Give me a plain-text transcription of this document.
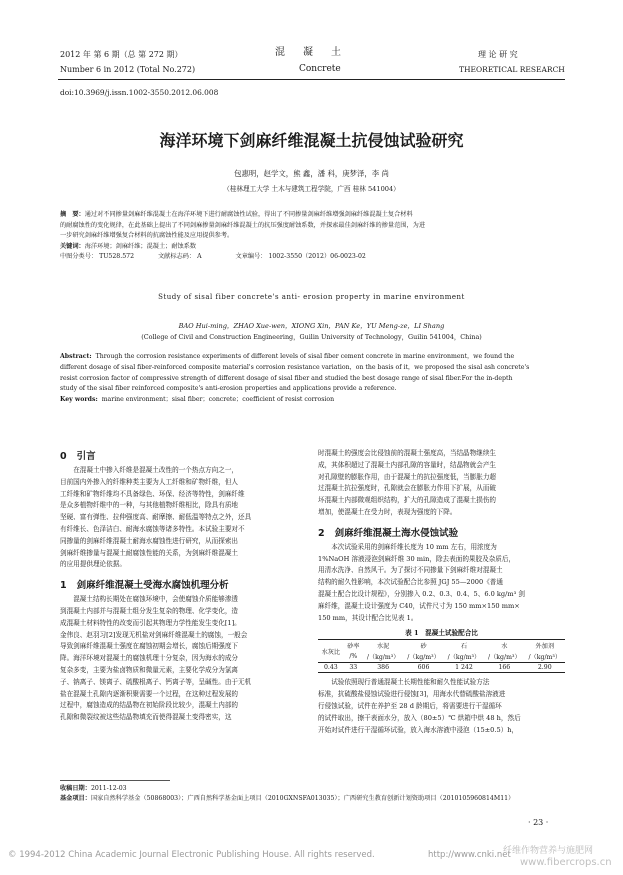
2012 年 第 6 期（总 第 272 期）
Number 6 in 2012 (Total No.272)
混　凝　土
Concrete
理 论 研 究
THEORETICAL RESEARCH
doi:10.3969/j.issn.1002-3550.2012.06.008
海洋环境下剑麻纤维混凝土抗侵蚀试验研究
包惠明，赵学文，熊 鑫，潘 科，庚梦泽，李 尚
（桂林理工大学 土木与建筑工程学院，广西 桂林 541004）
摘　要：通过对不同掺量剑麻纤维混凝土在海洋环境下进行耐腐蚀性试验，得出了不同掺量剑麻纤维增强剑麻纤维混凝土复合材料
的耐腐蚀性的变化规律，在此基础上提出了不同剑麻掺量剑麻纤维混凝土的抗压强度耐蚀系数，并探索最佳剑麻纤维的掺量范围，为进
一步研究剑麻纤维增强复合材料的抗腐蚀性能及应用提供参考。
关键词：海洋环境；剑麻纤维；混凝土；耐蚀系数
中图分类号： TU528.572	文献标志码： A	文章编号： 1002-3550（2012）06-0023-02
Study of sisal fiber concrete's anti- erosion property in marine environment
BAO Hui-ming，ZHAO Xue-wen，XIONG Xin，PAN Ke，YU Meng-ze，LI Shang
(College of Civil and Construction Engineering，Guilin University of Technology，Guilin 541004，China)
Abstract: Through the corrosion resistance experiments of different levels of sisal fiber cement concrete in marine environment，we found the
different dosage of sisal fiber-reinforced composite material's corrosion resistance variation，on the basis of it，we proposed the sisal ash concrete's
resist corrosion factor of compressive strength of different dosage of sisal fiber and studied the best dosage range of sisal fiber.For the in-depth
study of the sisal fiber reinforced composite's anti-erosion properties and applications provide a reference.
Key words: marine environment；sisal fiber；concrete；coefficient of resist corrosion
0 引言
在混凝土中掺入纤维是混凝土改性的一个热点方向之一，
目前国内外掺入的纤维种类主要为人工纤维和矿物纤维，但人
工纤维和矿物纤维均不具备绿色、环保、经济等特性，剑麻纤维
是众多植物纤维中的一种，与其他植物纤维相比，除具有质地
坚硬、富有弹性、拉伸强度高、耐摩擦、耐低温等特点之外，还具
有纤维长、色泽洁白、耐海水腐蚀等诸多特性。本试验主要对不
同掺量的剑麻纤维混凝土耐海水腐蚀性进行研究，从而探索出
剑麻纤维掺量与混凝土耐腐蚀性能的关系，为剑麻纤维混凝土
的应用提供理论依据。
1 剑麻纤维混凝土受海水腐蚀机理分析
混凝土结构长期处在腐蚀环境中，会使腐蚀介质能够渗透
到混凝土内部并与混凝土组分发生复杂的物理、化学变化，造
成混凝土材料特性的改变而引起其物理力学性能发生变化[1]。
金伟良、赵羽习[2]发现无机盐对剑麻纤维混凝土的腐蚀，一般会
导致剑麻纤维混凝土强度在腐蚀初期会增长，腐蚀后期强度下
降。海洋环境对混凝土的腐蚀机理十分复杂，因为海水的成分
复杂多变，主要为盐卤物质和微量元素，主要化学成分为氯离
子、钠离子、镁离子、硫酸根离子、钙离子等，呈碱性。由于无机
盐在混凝土孔隙内逐渐积聚需要一个过程，在这种过程发展的
过程中，腐蚀造成的结晶物在初始阶段比较少，混凝土内部的
孔隙和微裂纹被这些结晶物填充而使得混凝土变得密实，这
时混凝土的强度会比侵蚀前的混凝土强度高，当结晶物继续生
成，其体积超过了混凝土内部孔隙的容量时，结晶物就会产生
对孔隙壁的膨胀作用，由于混凝土的抗拉强度低，当膨胀力超
过混凝土抗拉强度时，孔隙就会在膨胀力作用下扩展，从而破
坏混凝土内部微观组织结构，扩大的孔隙造成了混凝土损伤的
增加，使混凝土在受力时，表现为强度的下降。
2 剑麻纤维混凝土海水侵蚀试验
本次试验采用的剑麻纤维长度为 10 mm 左右，用浓度为
1%NaOH 溶液浸泡剑麻纤维 30 min，除去表面的果胶及杂质后，
用清水洗净、自然风干。为了探讨不同掺量下剑麻纤维对混凝土
结构的耐久性影响，本次试验配合比参照 JGJ 55—2000《普通
混凝土配合比设计规程》，分别掺入 0.2、0.3、0.4、5、6.0 kg/m³ 剑
麻纤维，混凝土设计强度为 C40，试件尺寸为 150 mm×150 mm×
150 mm，其设计配合比见表 1。
表 1　混凝土试验配合比
水灰比	砂率	水泥	砂	石	水	外加剂
	/%	/（kg/m³）	/（kg/m³）	/（kg/m³）	/（kg/m³）	/（kg/m³）
0.43	33	386	606	1 242	166	2.90
试验依照现行普通混凝土长期性能和耐久性能试验方法
标准，抗硫酸盐侵蚀试验进行侵蚀[3]，用海水代替硫酸盐溶液进
行侵蚀试验，试件在养护至 28 d 龄期后，将需要进行干湿循环
的试件取出，擦干表面水分，放入（80±5）℃ 烘箱中烘 48 h，然后
开始对试件进行干湿循环试验，放入海水溶液中浸泡（15±0.5）h，
收稿日期：2011-12-03
基金项目：国家自然科学基金（50868003）；广西自然科学基金面上项目（2010GXNSFA013035）；广西研究生教育创新计划资助项目（2010105960814M11）
· 23 ·
© 1994-2012 China Academic Journal Electronic Publishing House. All rights reserved.	http://www.cnki.net
纤维作物营养与施肥网
www.fibercrops.cn
